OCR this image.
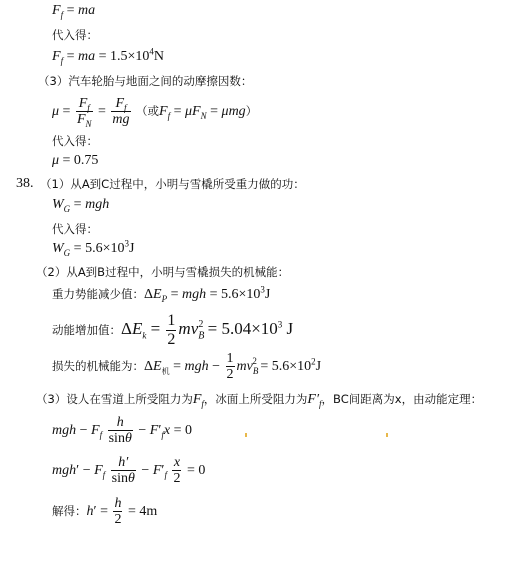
$F_f$ = ma
代入得：
$F_f$ = ma = $1.5\times 10^4N$
（3）汽车轮胎与地面之间的动摩擦因数：
$\mu = \frac{F_f}{F_N} = \frac{F_f}{mg}$ （或$F_f = \mu F_N = \mu mg$）
代入得：
μ = 0.75
38. （1）从A到C过程中，小明与雪橇所受重力做的功：
$W_G$ = mgh
代入得：
$W_G = 5.6\times 10^3J$
（2）从A到B过程中，小明与雪橇损失的机械能：
重力势能减少值：$\Delta E_P$ = mgh = $5.6\times 10^3J$
动能增加值：$\Delta E_k = \frac{1}{2} mv_B^2 = 5.04\times 10^3$ J
损失的机械能为：$\Delta E_机$ = mgh − $\frac{1}{2} mv_B^2 = 5.6\times 10^2J$
（3）设人在雪道上所受阻力为$F_f$，冰面上所受阻力为$F'_f$，BC间距离为x，由动能定理：
mgh − $F_f \frac{h}{\sin\theta} - F'_fx = 0$
$mgh' - F_f \frac{h'}{\sin\theta} - F'_f \frac{x}{2} = 0$
解得：$h' = \frac{h}{2} = 4m$
